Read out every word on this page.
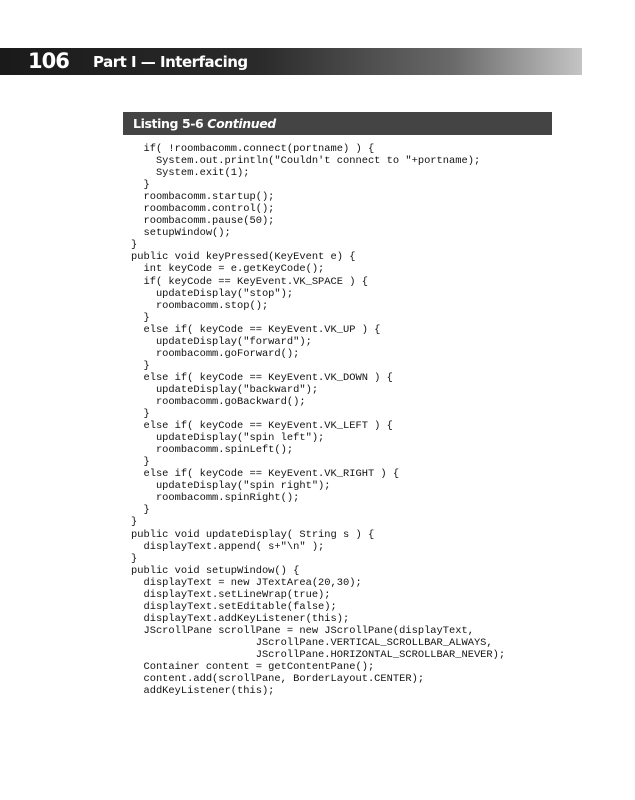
106 Part I — Interfacing
Listing 5-6 Continued
if( !roombacomm.connect(portname) ) {
System.out.println("Couldn't connect to "+portname);
System.exit(1);
}
roombacomm.startup();
roombacomm.control();
roombacomm.pause(50);
setupWindow();
}
public void keyPressed(KeyEvent e) {
int keyCode = e.getKeyCode();
if( keyCode == KeyEvent.VK_SPACE ) {
updateDisplay("stop");
roombacomm.stop();
}
else if( keyCode == KeyEvent.VK_UP ) {
updateDisplay("forward");
roombacomm.goForward();
}
else if( keyCode == KeyEvent.VK_DOWN ) {
updateDisplay("backward");
roombacomm.goBackward();
}
else if( keyCode == KeyEvent.VK_LEFT ) {
updateDisplay("spin left");
roombacomm.spinLeft();
}
else if( keyCode == KeyEvent.VK_RIGHT ) {
updateDisplay("spin right");
roombacomm.spinRight();
}
}
public void updateDisplay( String s ) {
displayText.append( s+"\n" );
}
public void setupWindow() {
displayText = new JTextArea(20,30);
displayText.setLineWrap(true);
displayText.setEditable(false);
displayText.addKeyListener(this);
JScrollPane scrollPane = new JScrollPane(displayText,
JScrollPane.VERTICAL_SCROLLBAR_ALWAYS,
JScrollPane.HORIZONTAL_SCROLLBAR_NEVER);
Container content = getContentPane();
content.add(scrollPane, BorderLayout.CENTER);
addKeyListener(this);
